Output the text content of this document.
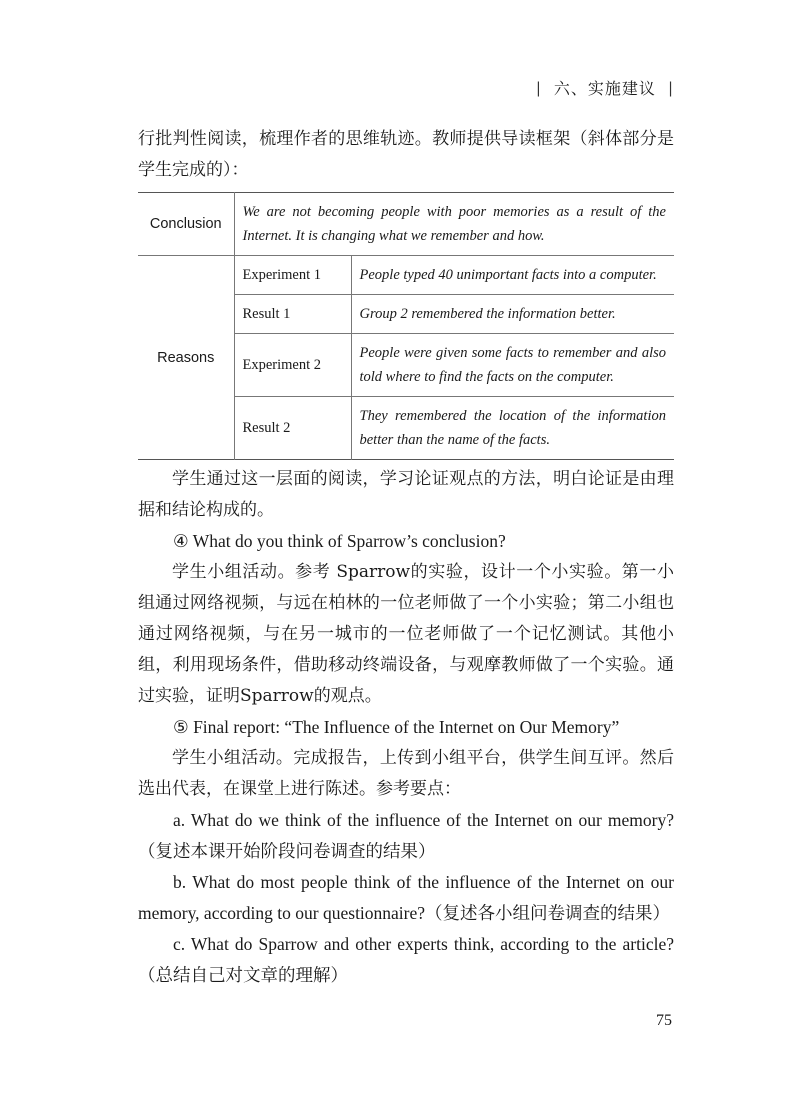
| 六、实施建议 |

行批判性阅读，梳理作者的思维轨迹。教师提供导读框架（斜体部分是学生完成的）：

Conclusion	We are not becoming people with poor memories as a result of the Internet. It is changing what we remember and how.	
Reasons	Experiment 1	People typed 40 unimportant facts into a computer.
	Result 1	Group 2 remembered the information better.
	Experiment 2	People were given some facts to remember and also told where to find the facts on the computer.
	Result 2	They remembered the location of the information better than the name of the facts.

学生通过这一层面的阅读，学习论证观点的方法，明白论证是由理据和结论构成的。

④ What do you think of Sparrow’s conclusion?

学生小组活动。参考 Sparrow的实验，设计一个小实验。第一小组通过网络视频，与远在柏林的一位老师做了一个小实验；第二小组也通过网络视频，与在另一城市的一位老师做了一个记忆测试。其他小组，利用现场条件，借助移动终端设备，与观摩教师做了一个实验。通过实验，证明Sparrow的观点。

⑤ Final report: “The Influence of the Internet on Our Memory”

学生小组活动。完成报告，上传到小组平台，供学生间互评。然后选出代表，在课堂上进行陈述。参考要点：

a. What do we think of the influence of the Internet on our memory?（复述本课开始阶段问卷调查的结果）

b. What do most people think of the influence of the Internet on our memory, according to our questionnaire?（复述各小组问卷调查的结果）

c. What do Sparrow and other experts think, according to the article?（总结自己对文章的理解）

75
